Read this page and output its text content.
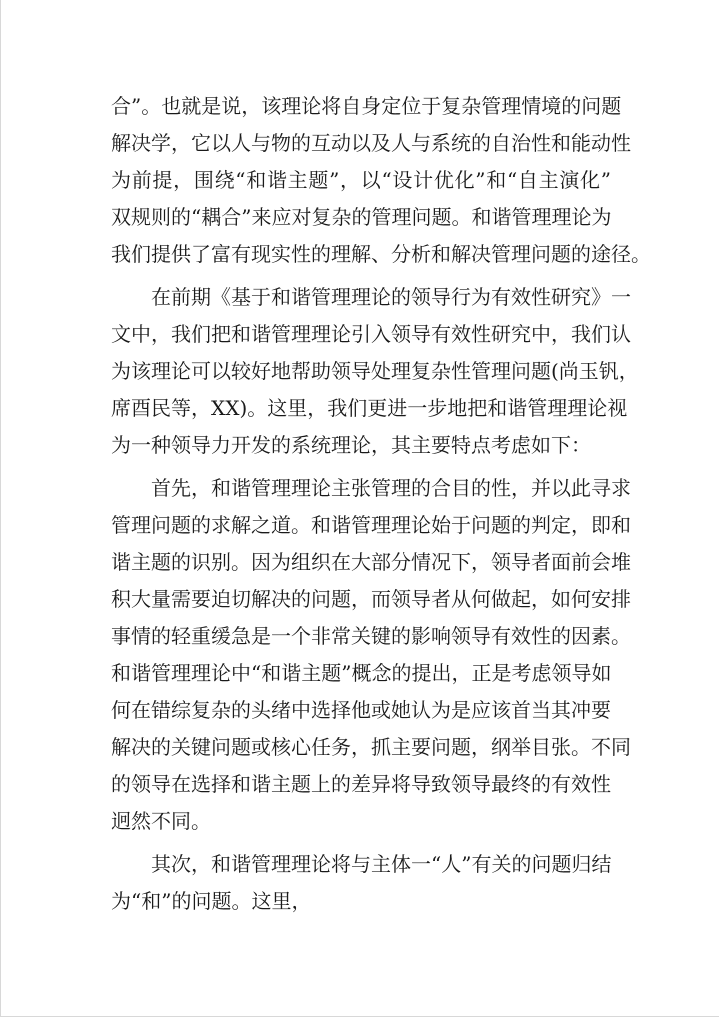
合”。也就是说，该理论将自身定位于复杂管理情境的问题
解决学，它以人与物的互动以及人与系统的自治性和能动性
为前提，围绕“和谐主题”，以“设计优化”和“自主演化”
双规则的“耦合”来应对复杂的管理问题。和谐管理理论为
我们提供了富有现实性的理解、分析和解决管理问题的途径。

在前期《基于和谐管理理论的领导行为有效性研究》一
文中，我们把和谐管理理论引入领导有效性研究中，我们认
为该理论可以较好地帮助领导处理复杂性管理问题(尚玉钒，
席酉民等，XX)。这里，我们更进一步地把和谐管理理论视
为一种领导力开发的系统理论，其主要特点考虑如下：

首先，和谐管理理论主张管理的合目的性，并以此寻求
管理问题的求解之道。和谐管理理论始于问题的判定，即和
谐主题的识别。因为组织在大部分情况下，领导者面前会堆
积大量需要迫切解决的问题，而领导者从何做起，如何安排
事情的轻重缓急是一个非常关键的影响领导有效性的因素。
和谐管理理论中“和谐主题”概念的提出，正是考虑领导如
何在错综复杂的头绪中选择他或她认为是应该首当其冲要
解决的关键问题或核心任务，抓主要问题，纲举目张。不同
的领导在选择和谐主题上的差异将导致领导最终的有效性
迥然不同。

其次，和谐管理理论将与主体一“人”有关的问题归结
为“和”的问题。这里，
